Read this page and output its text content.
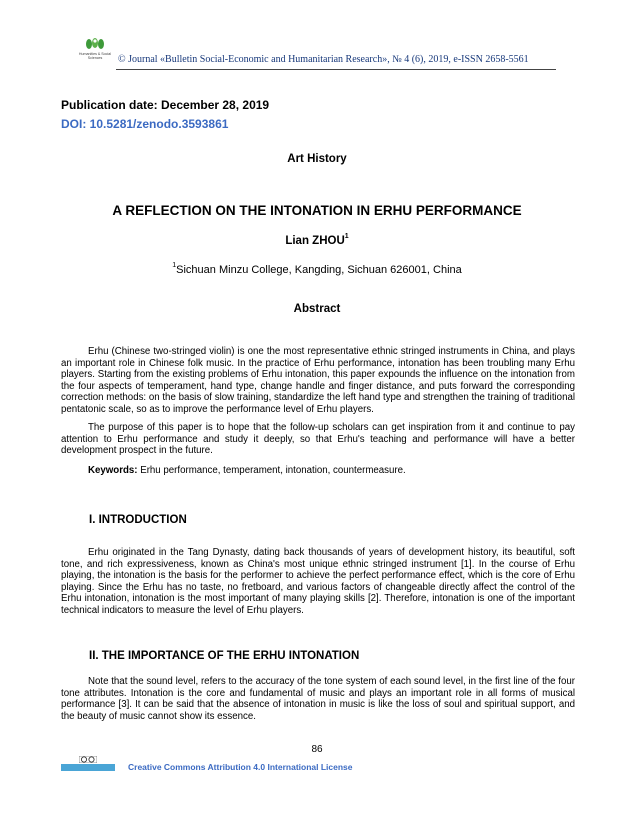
Humanities & Social Sciences	© Journal «Bulletin Social-Economic and Humanitarian Research», № 4 (6), 2019, e-ISSN 2658-5561
Publication date: December 28, 2019
DOI: 10.5281/zenodo.3593861
Art History
A REFLECTION ON THE INTONATION IN ERHU PERFORMANCE
Lian ZHOU$^1$
$^1$Sichuan Minzu College, Kangding, Sichuan 626001, China
Abstract

Erhu (Chinese two-stringed violin) is one the most representative ethnic stringed instruments in China, and plays an important role in Chinese folk music. In the practice of Erhu performance, intonation has been troubling many Erhu players. Starting from the existing problems of Erhu intonation, this paper expounds the influence on the intonation from the four aspects of temperament, hand type, change handle and finger distance, and puts forward the corresponding correction methods: on the basis of slow training, standardize the left hand type and strengthen the training of traditional pentatonic scale, so as to improve the performance level of Erhu players.

The purpose of this paper is to hope that the follow-up scholars can get inspiration from it and continue to pay attention to Erhu performance and study it deeply, so that Erhu's teaching and performance will have a better development prospect in the future.

Keywords: Erhu performance, temperament, intonation, countermeasure.

I. INTRODUCTION

Erhu originated in the Tang Dynasty, dating back thousands of years of development history, its beautiful, soft tone, and rich expressiveness, known as China's most unique ethnic stringed instrument [1]. In the course of Erhu playing, the intonation is the basis for the performer to achieve the perfect performance effect, which is the core of Erhu playing. Since the Erhu has no taste, no fretboard, and various factors of changeable directly affect the control of the Erhu intonation, intonation is the most important of many playing skills [2]. Therefore, intonation is one of the important technical indicators to measure the level of Erhu players.

II. THE IMPORTANCE OF THE ERHU INTONATION

Note that the sound level, refers to the accuracy of the tone system of each sound level, in the first line of the four tone attributes. Intonation is the core and fundamental of music and plays an important role in all forms of musical performance [3]. It can be said that the absence of intonation in music is like the loss of soul and spiritual support, and the beauty of music cannot show its essence.

86
Creative Commons Attribution 4.0 International License
